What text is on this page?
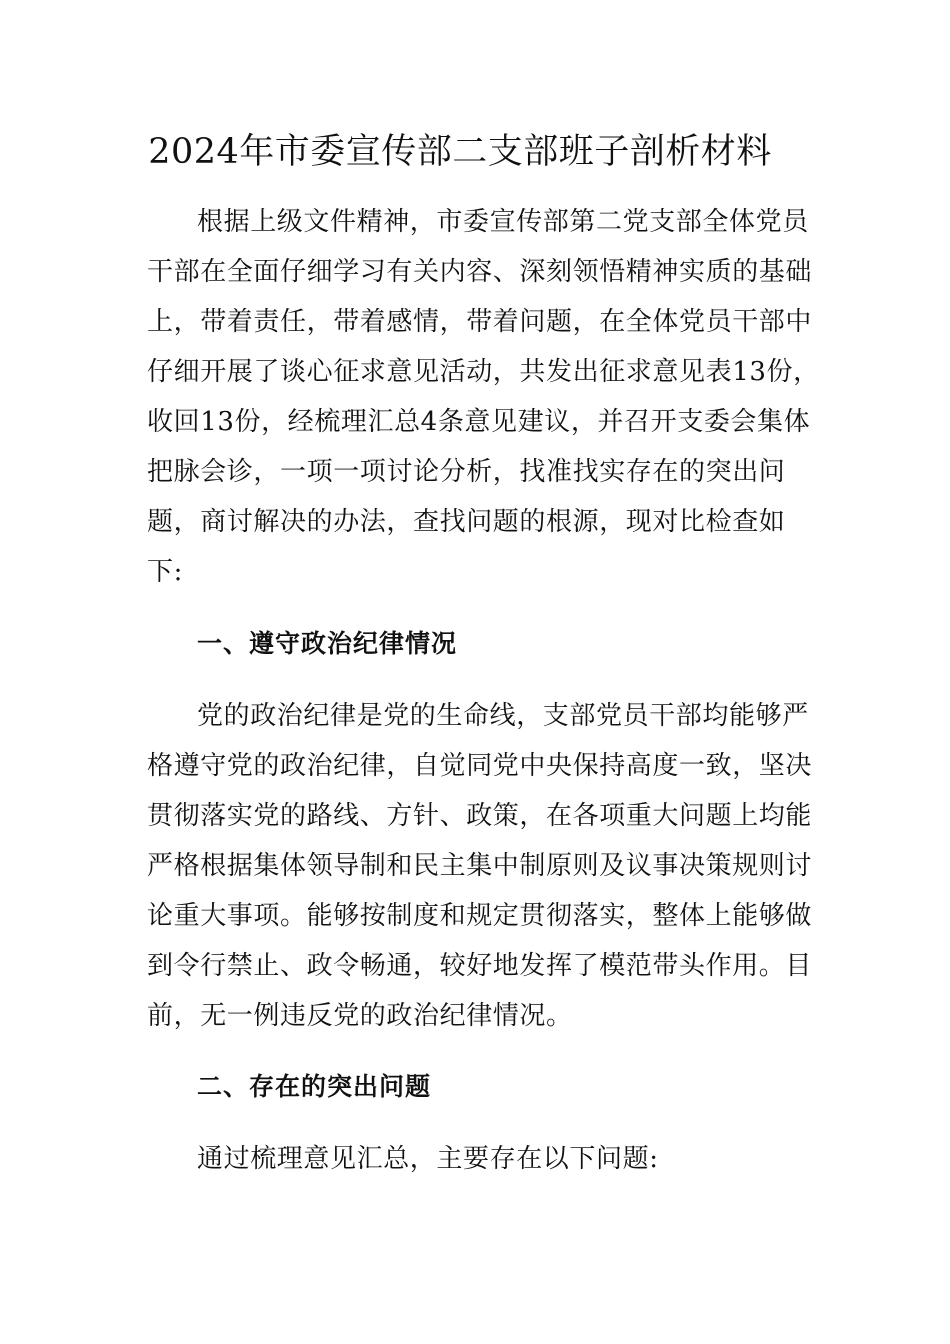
2024年市委宣传部二支部班子剖析材料

根据上级文件精神，市委宣传部第二党支部全体党员

干部在全面仔细学习有关内容、深刻领悟精神实质的基础

上，带着责任，带着感情，带着问题，在全体党员干部中

仔细开展了谈心征求意见活动，共发出征求意见表13份，

收回13份，经梳理汇总4条意见建议，并召开支委会集体

把脉会诊，一项一项讨论分析，找准找实存在的突出问

题，商讨解决的办法，查找问题的根源，现对比检查如

下:

一、遵守政治纪律情况

党的政治纪律是党的生命线，支部党员干部均能够严

格遵守党的政治纪律，自觉同党中央保持高度一致，坚决

贯彻落实党的路线、方针、政策，在各项重大问题上均能

严格根据集体领导制和民主集中制原则及议事决策规则讨

论重大事项。能够按制度和规定贯彻落实，整体上能够做

到令行禁止、政令畅通，较好地发挥了模范带头作用。目

前，无一例违反党的政治纪律情况。

二、存在的突出问题

通过梳理意见汇总，主要存在以下问题:
